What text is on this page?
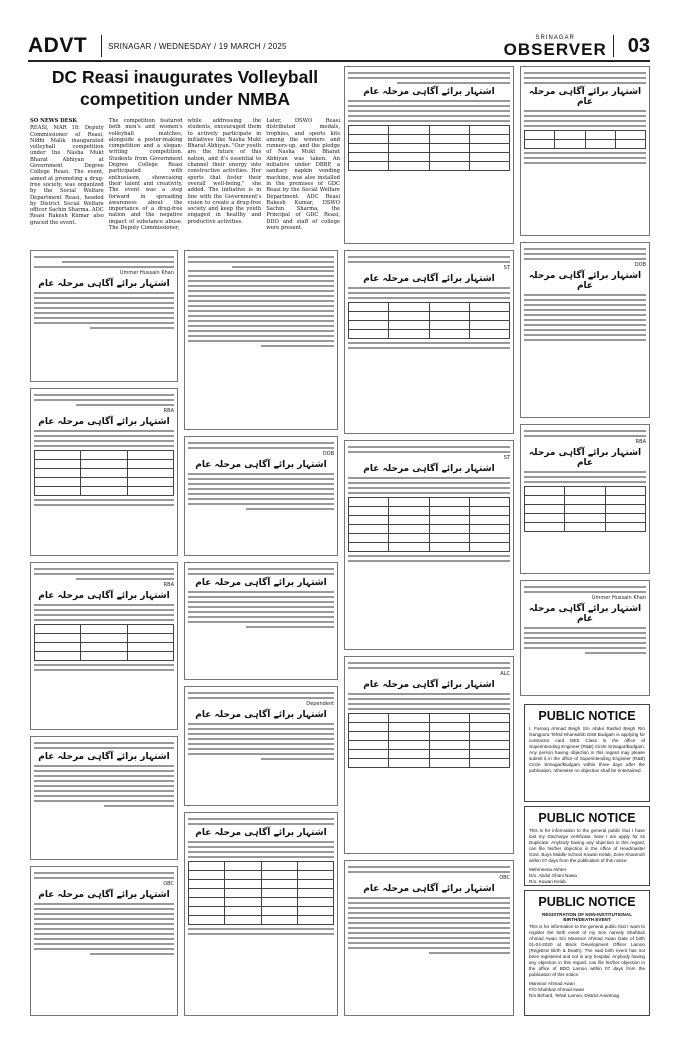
ADVT	SRINAGAR / WEDNESDAY / 19 MARCH / 2025
SRINAGAR
OBSERVER	03
DC Reasi inaugurates Volleyball competition under NMBA
SO NEWS DESK
REASI, MAR 18: Deputy Commissioner of Reasi, Nidhi Malik inaugurated volleyball competition under the Nasha Mukt Bharat Abhiyan at Government Degree College Reasi. The event, aimed at promoting a drug-free society, was organized by the Social Welfare Department Reasi, headed by District Social Welfare officer Sachin Sharma. ADC Reasi Rakesh Kumar also graced the event.
The competition featured both men's and women's volleyball matches, alongside a poster-making competition and a slogan-writing competition. Students from Government Degree College Reasi participated with enthusiasm, showcasing their talent and creativity. The event was a step forward in spreading awareness about the importance of a drug-free nation and the negative impact of substance abuse. The Deputy Commissioner,
while addressing the students, encouraged them to actively participate in initiatives like Nasha Mukt Bharat Abhiyan. "Our youth are the future of this nation, and it's essential to channel their energy into constructive activities. Her sports that foster their overall well-being," she added. The initiative is in line with the Government's vision to create a drug-free society and keep the youth engaged in healthy and productive activities.
Later, DSWO Reasi distributed medals, trophies, and sports kits among the winners and runners-up, and the pledge of Nasha Mukt Bharat Abhiyan was taken. An initiative under DBBP, a sanitary napkin vending machine, was also installed in the premises of GDC Reasi by the Social Welfare Department. ADC Reasi Rakesh Kumar, DSWO Sachin Sharma, the Principal of GDC Reasi, DDO and staff of college were present.
Ummer Hussain Khan
اشتہار برائے آگاہی مرحلہ عام
RBA
اشتہار برائے آگاہی مرحلہ عام

RBA
اشتہار برائے آگاہی مرحلہ عام

اشتہار برائے آگاہی مرحلہ عام
OBC
اشتہار برائے آگاہی مرحلہ عام
DOB
اشتہار برائے آگاہی مرحلہ عام
اشتہار برائے آگاہی مرحلہ عام
Dependent
اشتہار برائے آگاہی مرحلہ عام
اشتہار برائے آگاہی مرحلہ عام

اشتہار برائے آگاہی مرحلہ عام

ST
اشتہار برائے آگاہی مرحلہ عام

ST
اشتہار برائے آگاہی مرحلہ عام

ALC
اشتہار برائے آگاہی مرحلہ عام

OBC
اشتہار برائے آگاہی مرحلہ عام
اشتہار برائے آگاہی مرحلہ عام

DOB
اشتہار برائے آگاہی مرحلہ عام
RBA
اشتہار برائے آگاہی مرحلہ عام

Ummer Hussain Khan
اشتہار برائے آگاہی مرحلہ عام
PUBLIC NOTICE
I, Farooq Ahmad Beigh S/o Abdul Rashid Beigh R/o Gangpora Tehsil Khansahib Distt Budgam is applying for contractor card DEE Class in the office of Superintending Engineer (R&B) Circle Srinagar/Budgam. Any person having objection in this regard may please submit it in the office of Superintending Engineer (R&B) Circle Srinagar/Budgam within three days after the publication, otherwise no objection shall be entertained.
PUBLIC NOTICE
This is for information to the general public that I have lost my Discharge certificate. Now I am apply for its Duplicate. Anybody having any objection in this regard, can file his/her objection in the office of Headmaster Govt. Boys Middle School Kowari Kelab, Zone Khanmoh within 07 days from the publication of this notice.
Mehmeena Akhter
D/o. Abdul Ghani Nawa
R/o. Kowari Kelab
PUBLIC NOTICE
REGISTRATION OF NON-INSTITUTIONAL BIRTH/DEATH EVENT
This is for information to the general public that I want to register the birth event of my Son namely Shahbaz Ahmad Awan S/o Mansoor Ahmad Awan Date of birth 01-04-2020 at Block Development Officer Lamoo (Registrar Birth & Death). The said birth event has not been registered and not in any hospital. Anybody having any objection in this regard, can file his/her objection in the office of BDO Lamoo within 07 days from the publication of this notice.
Mansoor Ahmad Awan
F/O Shahbaz Ahmad Awan
R/o Birhard, Tehsil Lamoo, District Anantnag
